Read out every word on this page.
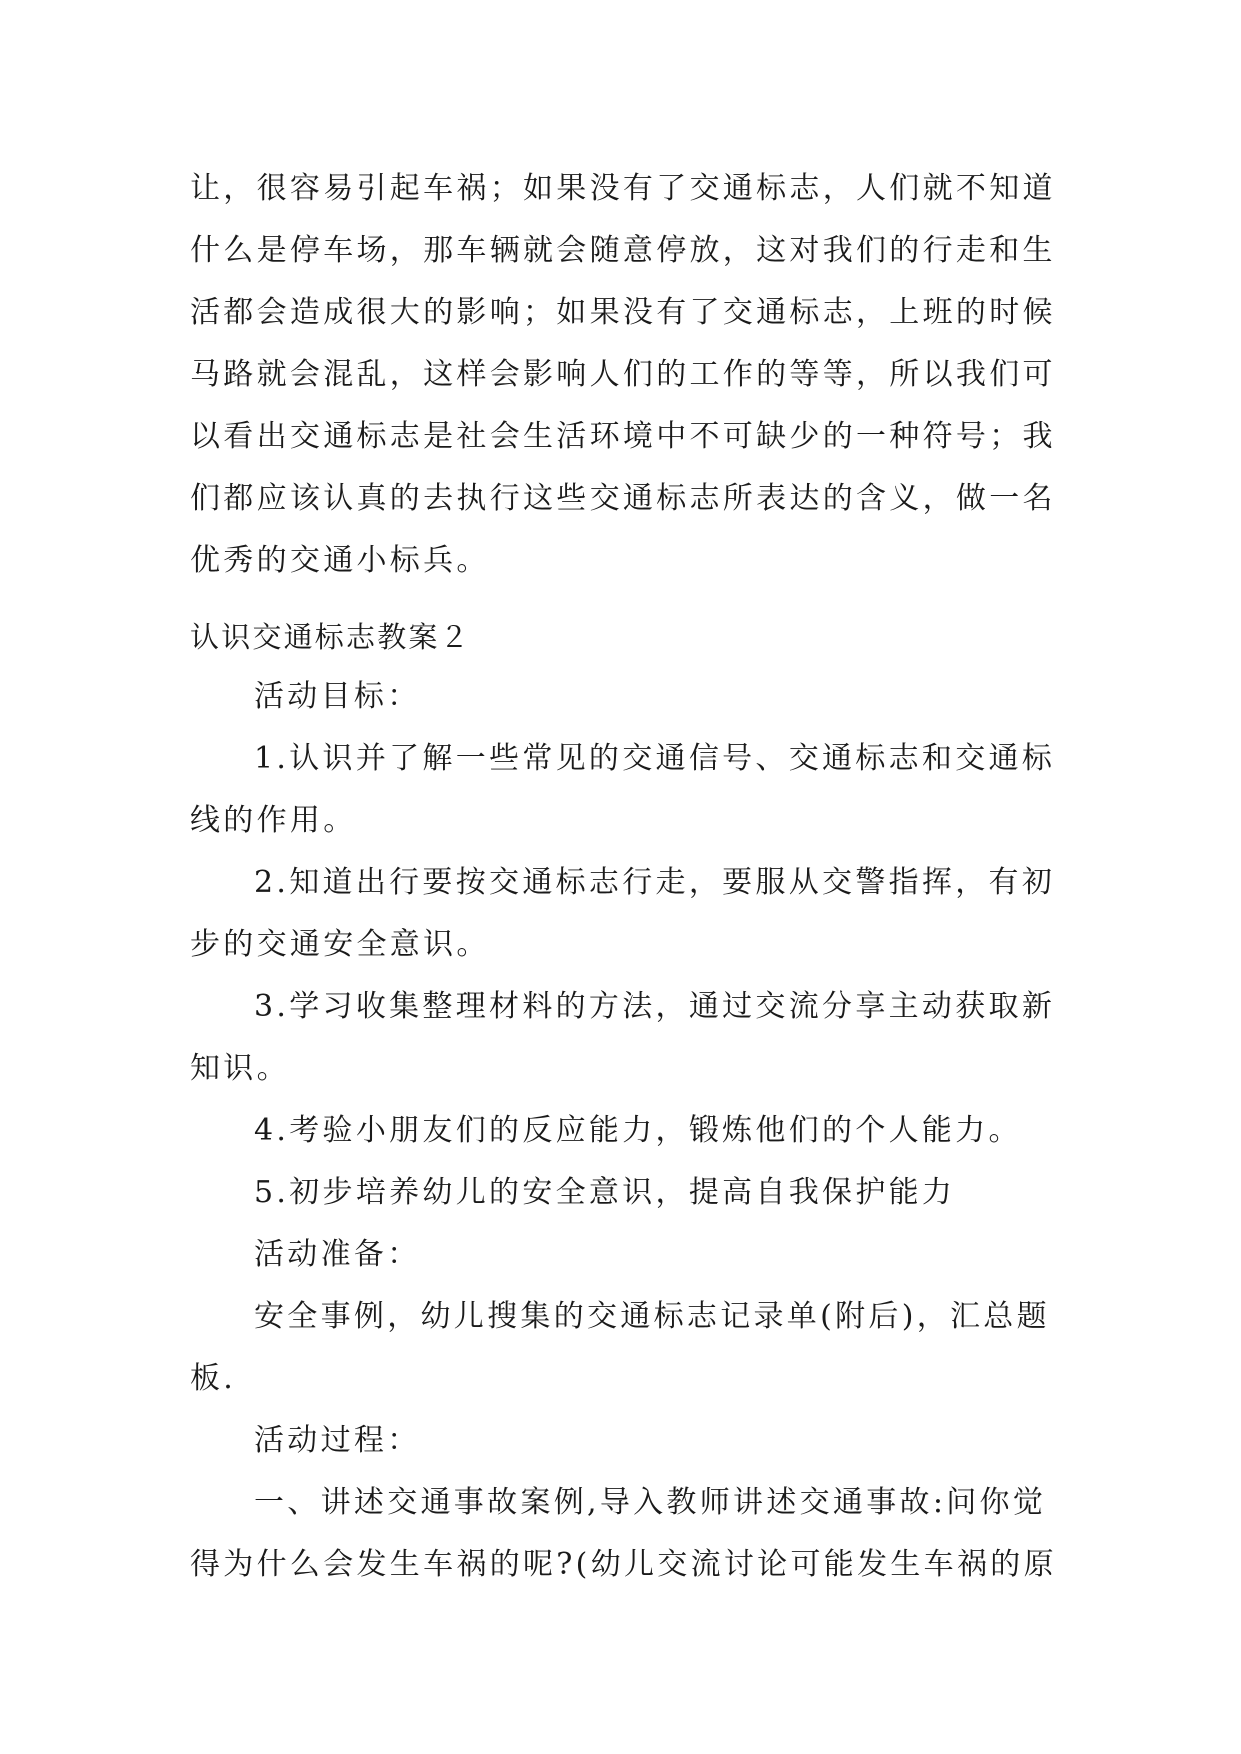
让，很容易引起车祸；如果没有了交通标志，人们就不知道
什么是停车场，那车辆就会随意停放，这对我们的行走和生
活都会造成很大的影响；如果没有了交通标志，上班的时候
马路就会混乱，这样会影响人们的工作的等等，所以我们可
以看出交通标志是社会生活环境中不可缺少的一种符号；我
们都应该认真的去执行这些交通标志所表达的含义，做一名
优秀的交通小标兵。
认识交通标志教案２
活动目标：
1.认识并了解一些常见的交通信号、交通标志和交通标
线的作用。
2.知道出行要按交通标志行走，要服从交警指挥，有初
步的交通安全意识。
3.学习收集整理材料的方法，通过交流分享主动获取新
知识。
4.考验小朋友们的反应能力，锻炼他们的个人能力。
5.初步培养幼儿的安全意识，提高自我保护能力
活动准备：
安全事例，幼儿搜集的交通标志记录单(附后)，汇总题
板.
活动过程：
一、讲述交通事故案例,导入教师讲述交通事故:问你觉
得为什么会发生车祸的呢?(幼儿交流讨论可能发生车祸的原
